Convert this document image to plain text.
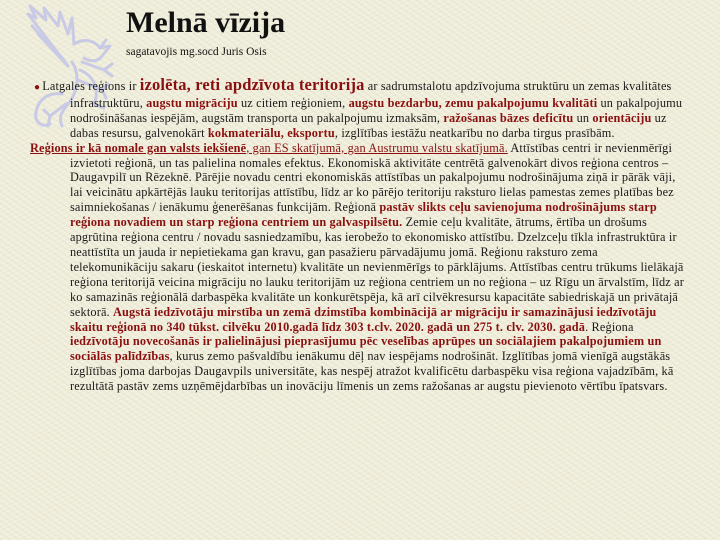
Melnā vīzija
sagatavojis mg.socd Juris Osis

● Latgales reģions ir izolēta, reti apdzīvota teritorija ar sadrumstalotu apdzīvojuma struktūru un zemas kvalitātes infrastruktūru, augstu migrāciju uz citiem reģioniem, augstu bezdarbu, zemu pakalpojumu kvalitāti un pakalpojumu nodrošināšanas iespējām, augstām transporta un pakalpojumu izmaksām, ražošanas bāzes deficītu un orientāciju uz dabas resursu, galvenokārt kokmateriālu, eksportu, izglītības iestāžu neatkarību no darba tirgus prasībām.

Reģions ir kā nomale gan valsts iekšienē, gan ES skatījumā, gan Austrumu valstu skatījumā. Attīstības centri ir nevienmērīgi izvietoti reģionā, un tas palielina nomales efektus. Ekonomiskā aktivitāte centrētā galvenokārt divos reģiona centros – Daugavpilī un Rēzeknē. Pārējie novadu centri ekonomiskās attīstības un pakalpojumu nodrošinājuma ziņā ir pārāk vāji, lai veicinātu apkārtējās lauku teritorijas attīstību, līdz ar ko pārējo teritoriju raksturo lielas pamestas zemes platības bez saimniekošanas / ienākumu ģenerēšanas funkcijām. Reģionā pastāv slikts ceļu savienojuma nodrošinājums starp reģiona novadiem un starp reģiona centriem un galvaspilsētu. Zemie ceļu kvalitāte, ātrums, ērtība un drošums apgrūtina reģiona centru / novadu sasniedzamību, kas ierobežo to ekonomisko attīstību. Dzelzceļu tīkla infrastruktūra ir neattīstīta un jauda ir nepietiekama gan kravu, gan pasažieru pārvadājumu jomā. Reģionu raksturo zema telekomunikāciju sakaru (ieskaitot internetu) kvalitāte un nevienmērīgs to pārklājums. Attīstības centru trūkums lielākajā reģiona teritorijā veicina migrāciju no lauku teritorijām uz reģiona centriem un no reģiona – uz Rīgu un ārvalstīm, līdz ar ko samazinās reģionālā darbaspēka kvalitāte un konkurētspēja, kā arī cilvēkresursu kapacitāte sabiedriskajā un privātajā sektorā. Augstā iedzīvotāju mirstība un zemā dzimstība kombinācijā ar migrāciju ir samazinājusi iedzīvotāju skaitu reģionā no 340 tūkst. cilvēku 2010.gadā līdz 303 t.clv. 2020. gadā un 275 t. clv. 2030. gadā. Reģiona iedzīvotāju novecošanās ir palielinājusi pieprasījumu pēc veselības aprūpes un sociālajiem pakalpojumiem un sociālās palīdzības, kurus zemo pašvaldību ienākumu dēļ nav iespējams nodrošināt. Izglītības jomā vienīgā augstākās izglītības joma darbojas Daugavpils universitāte, kas nespēj atražot kvalificētu darbaspēku visa reģiona vajadzībām, kā rezultātā pastāv zems uzņēmējdarbības un inovāciju līmenis un zems ražošanas ar augstu pievienoto vērtību īpatsvars.
